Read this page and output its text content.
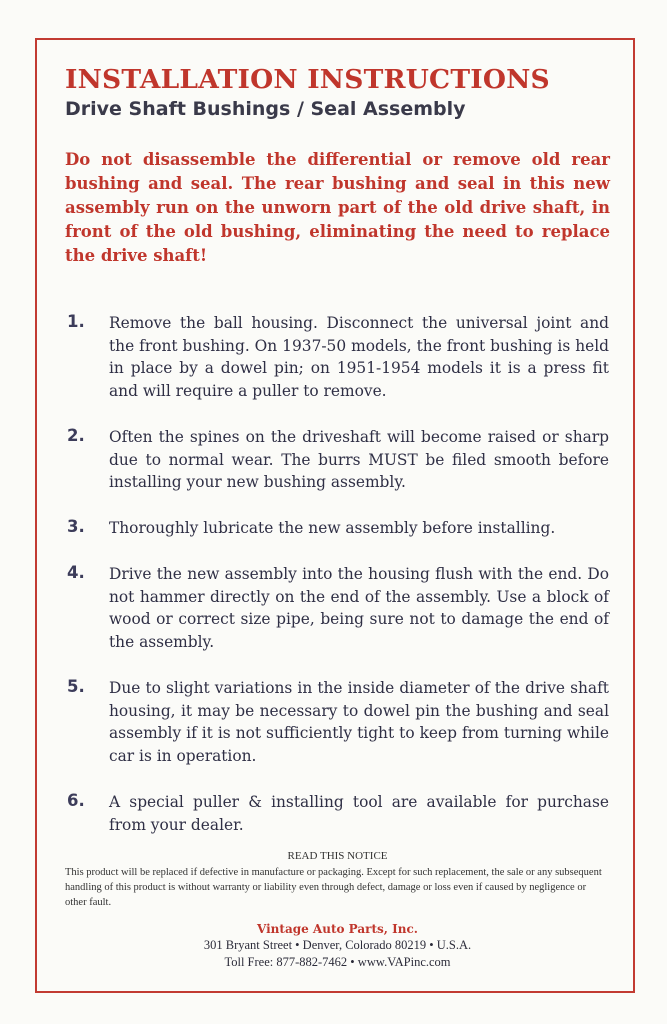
INSTALLATION INSTRUCTIONS
Drive Shaft Bushings / Seal Assembly

Do not disassemble the differential or remove old rear bushing and seal. The rear bushing and seal in this new assembly run on the unworn part of the old drive shaft, in front of the old bushing, eliminating the need to replace the drive shaft!

1. Remove the ball housing. Disconnect the universal joint and the front bushing. On 1937-50 models, the front bushing is held in place by a dowel pin; on 1951-1954 models it is a press fit and will require a puller to remove.
2. Often the spines on the driveshaft will become raised or sharp due to normal wear. The burrs MUST be filed smooth before installing your new bushing assembly.
3. Thoroughly lubricate the new assembly before installing.
4. Drive the new assembly into the housing flush with the end. Do not hammer directly on the end of the assembly. Use a block of wood or correct size pipe, being sure not to damage the end of the assembly.
5. Due to slight variations in the inside diameter of the drive shaft housing, it may be necessary to dowel pin the bushing and seal assembly if it is not sufficiently tight to keep from turning while car is in operation.
6. A special puller & installing tool are available for purchase from your dealer.

READ THIS NOTICE

This product will be replaced if defective in manufacture or packaging. Except for such replacement, the sale or any subsequent handling of this product is without warranty or liability even through defect, damage or loss even if caused by negligence or other fault.

Vintage Auto Parts, Inc.

301 Bryant Street • Denver, Colorado 80219 • U.S.A.

Toll Free: 877-882-7462 • www.VAPinc.com
